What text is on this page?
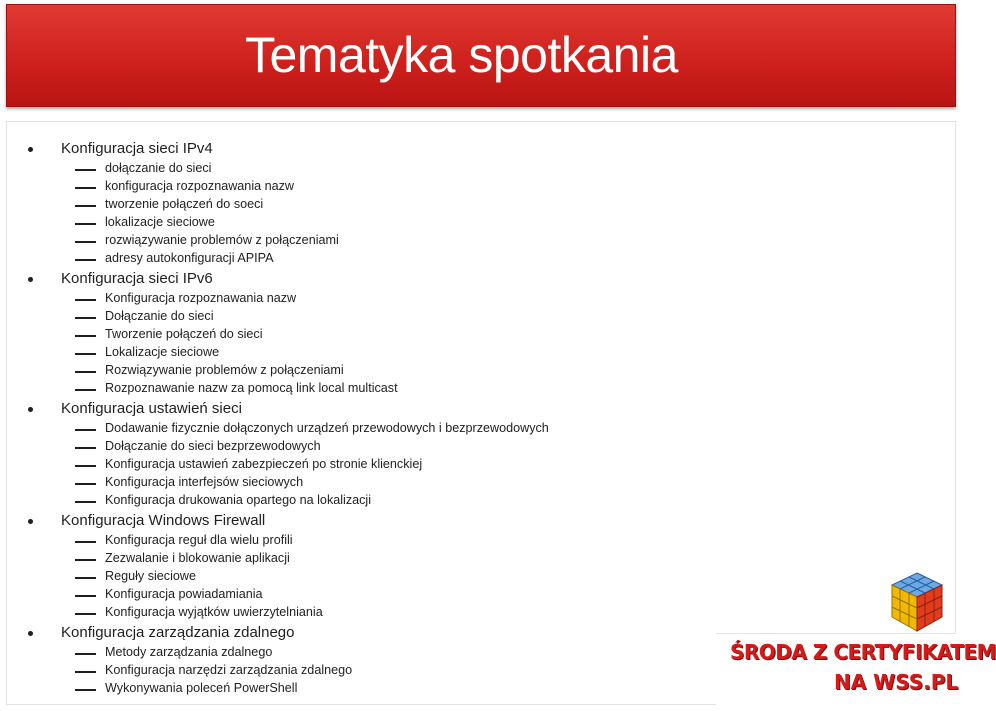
Tematyka spotkania
Konfiguracja sieci IPv4
dołączanie do sieci
konfiguracja rozpoznawania nazw
tworzenie połączeń do soeci
lokalizacje sieciowe
rozwiązywanie problemów z połączeniami
adresy autokonfiguracji APIPA
Konfiguracja sieci IPv6
Konfiguracja rozpoznawania nazw
Dołączanie do sieci
Tworzenie połączeń do sieci
Lokalizacje sieciowe
Rozwiązywanie problemów z połączeniami
Rozpoznawanie nazw za pomocą link local multicast
Konfiguracja ustawień sieci
Dodawanie fizycznie dołączonych urządzeń przewodowych i bezprzewodowych
Dołączanie do sieci bezprzewodowych
Konfiguracja ustawień zabezpieczeń po stronie klienckiej
Konfiguracja interfejsów sieciowych
Konfiguracja drukowania opartego na lokalizacji
Konfiguracja Windows Firewall
Konfiguracja reguł dla wielu profili
Zezwalanie i blokowanie aplikacji
Reguły sieciowe
Konfiguracja powiadamiania
Konfiguracja wyjątków uwierzytelniania
Konfiguracja zarządzania zdalnego
Metody zarządzania zdalnego
Konfiguracja narzędzi zarządzania zdalnego
Wykonywania poleceń PowerShell
ŚRODA Z CERTYFIKATEM
NA WSS.PL
